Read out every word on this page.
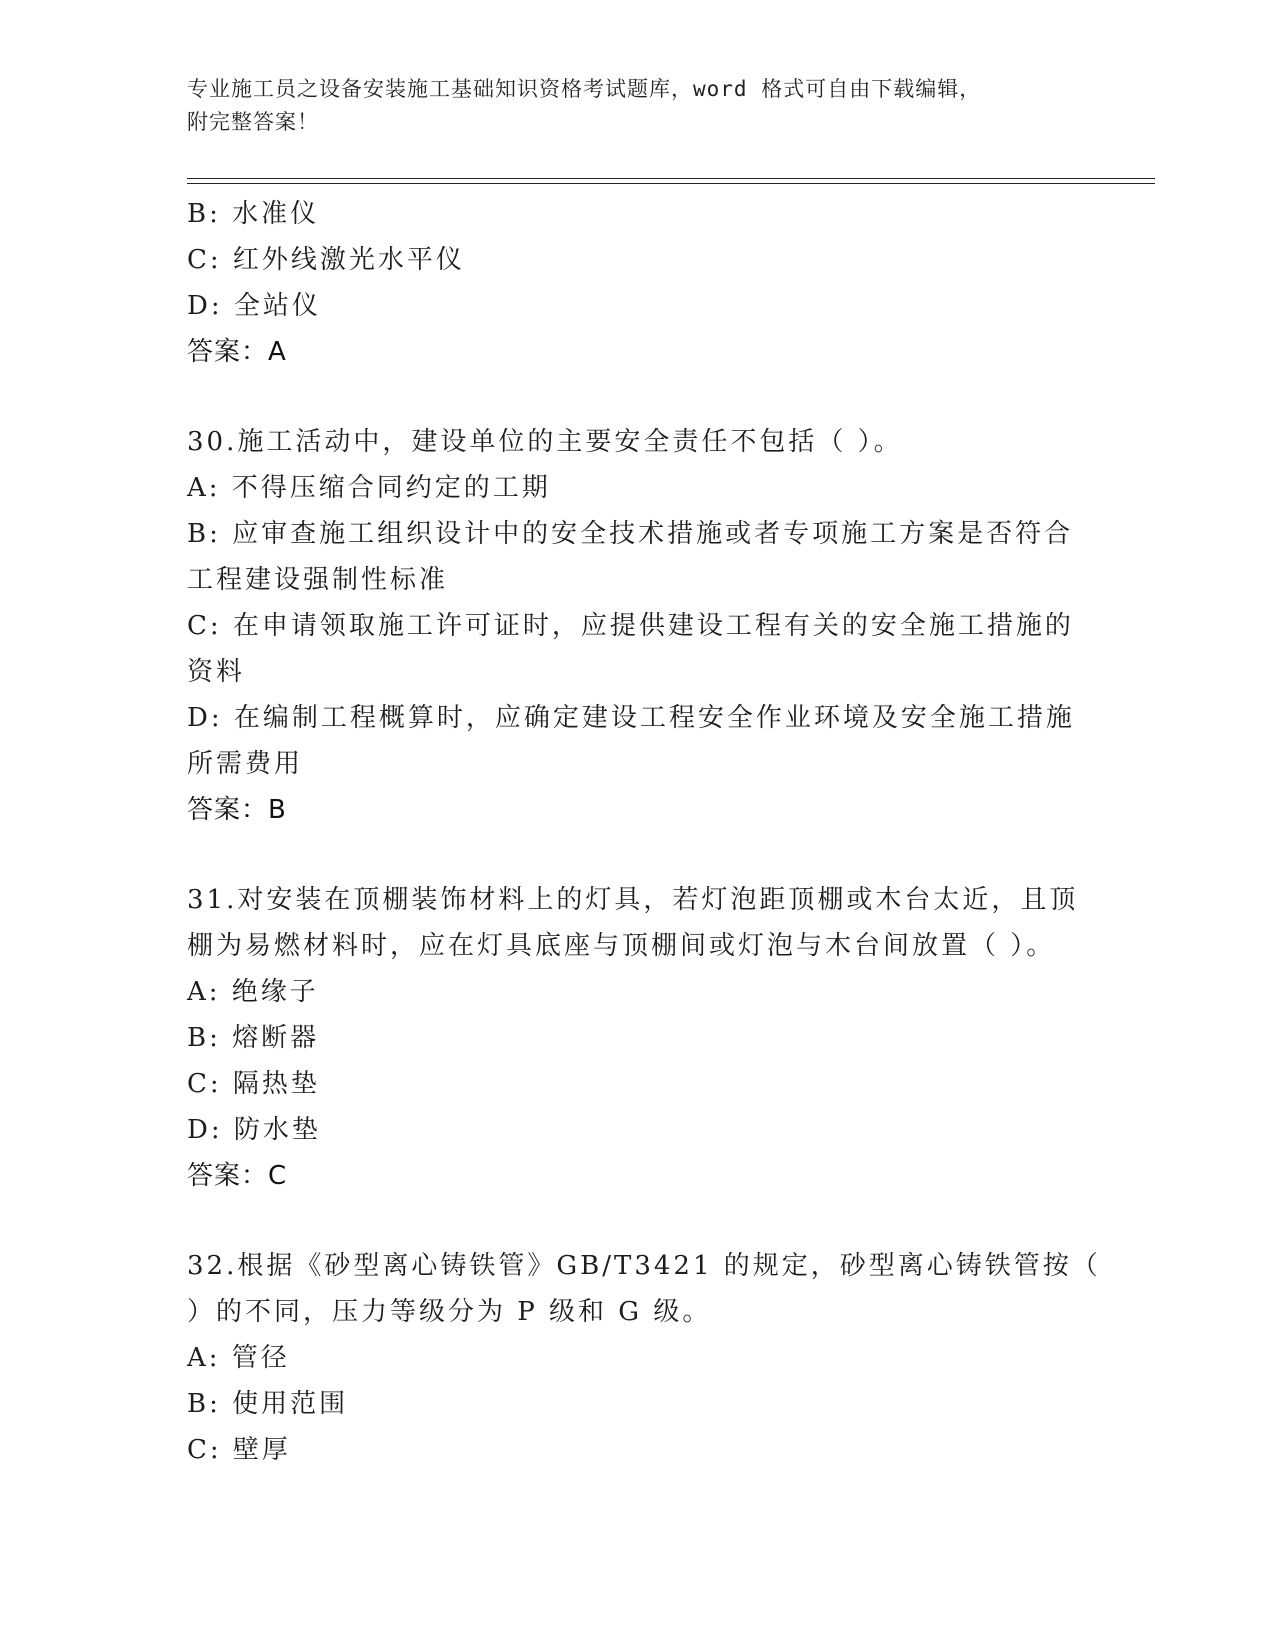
专业施工员之设备安装施工基础知识资格考试题库，word 格式可自由下载编辑，
附完整答案！
B: 水准仪
C: 红外线激光水平仪
D: 全站仪
答案：A
30.施工活动中，建设单位的主要安全责任不包括（ ）。
A: 不得压缩合同约定的工期
B: 应审查施工组织设计中的安全技术措施或者专项施工方案是否符合
工程建设强制性标准
C: 在申请领取施工许可证时，应提供建设工程有关的安全施工措施的
资料
D: 在编制工程概算时，应确定建设工程安全作业环境及安全施工措施
所需费用
答案：B
31.对安装在顶棚装饰材料上的灯具，若灯泡距顶棚或木台太近，且顶
棚为易燃材料时，应在灯具底座与顶棚间或灯泡与木台间放置（ ）。
A: 绝缘子
B: 熔断器
C: 隔热垫
D: 防水垫
答案：C
32.根据《砂型离心铸铁管》GB/T3421 的规定，砂型离心铸铁管按（
）的不同，压力等级分为 P 级和 G 级。
A: 管径
B: 使用范围
C: 壁厚
